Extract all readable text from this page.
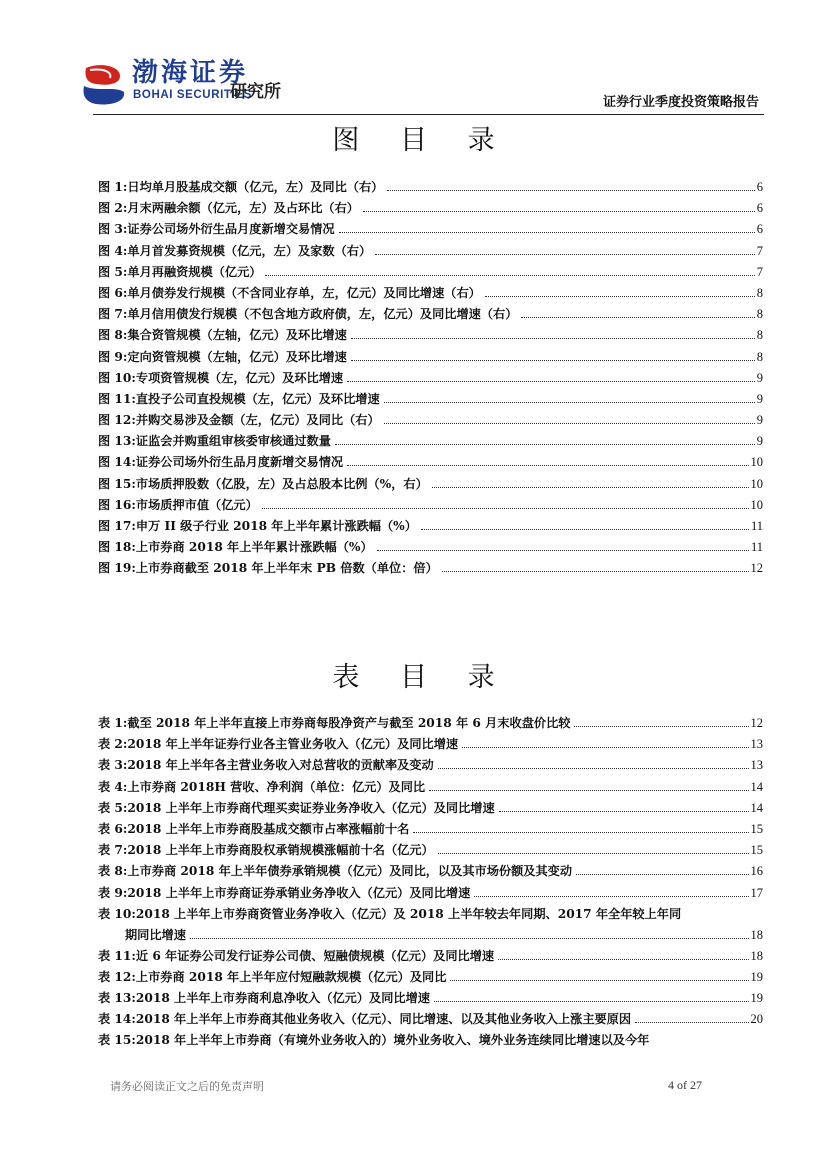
渤海证券
BOHAI SECURITIES
研究所
证券行业季度投资策略报告
图 目 录
图 1:日均单月股基成交额（亿元，左）及同比（右）	6
图 2:月末两融余额（亿元，左）及占环比（右）	6
图 3:证券公司场外衍生品月度新增交易情况	6
图 4:单月首发募资规模（亿元，左）及家数（右）	7
图 5:单月再融资规模（亿元）	7
图 6:单月债券发行规模（不含同业存单，左，亿元）及同比增速（右）	8
图 7:单月信用债发行规模（不包含地方政府债，左，亿元）及同比增速（右）	8
图 8:集合资管规模（左轴，亿元）及环比增速	8
图 9:定向资管规模（左轴，亿元）及环比增速	8
图 10:专项资管规模（左，亿元）及环比增速	9
图 11:直投子公司直投规模（左，亿元）及环比增速	9
图 12:并购交易涉及金额（左，亿元）及同比（右）	9
图 13:证监会并购重组审核委审核通过数量	9
图 14:证券公司场外衍生品月度新增交易情况	10
图 15:市场质押股数（亿股，左）及占总股本比例（%，右）	10
图 16:市场质押市值（亿元）	10
图 17:申万 II 级子行业 2018 年上半年累计涨跌幅（%）	11
图 18:上市券商 2018 年上半年累计涨跌幅（%）	11
图 19:上市券商截至 2018 年上半年末 PB 倍数（单位：倍）	12
表 目 录
表 1:截至 2018 年上半年直接上市券商每股净资产与截至 2018 年 6 月末收盘价比较	12
表 2:2018 年上半年证券行业各主管业务收入（亿元）及同比增速	13
表 3:2018 年上半年各主营业务收入对总营收的贡献率及变动	13
表 4:上市券商 2018H 营收、净利润（单位：亿元）及同比	14
表 5:2018 上半年上市券商代理买卖证券业务净收入（亿元）及同比增速	14
表 6:2018 上半年上市券商股基成交额市占率涨幅前十名	15
表 7:2018 上半年上市券商股权承销规模涨幅前十名（亿元）	15
表 8:上市券商 2018 年上半年债券承销规模（亿元）及同比，以及其市场份额及其变动	16
表 9:2018 上半年上市券商证券承销业务净收入（亿元）及同比增速	17
表 10:2018 上半年上市券商资管业务净收入（亿元）及 2018 上半年较去年同期、2017 年全年较上年同
期同比增速	18
表 11:近 6 年证券公司发行证券公司债、短融债规模（亿元）及同比增速	18
表 12:上市券商 2018 年上半年应付短融款规模（亿元）及同比	19
表 13:2018 上半年上市券商利息净收入（亿元）及同比增速	19
表 14:2018 年上半年上市券商其他业务收入（亿元）、同比增速、以及其他业务收入上涨主要原因	20
表 15:2018 年上半年上市券商（有境外业务收入的）境外业务收入、境外业务连续同比增速以及今年
请务必阅读正文之后的免责声明	4 of 27
